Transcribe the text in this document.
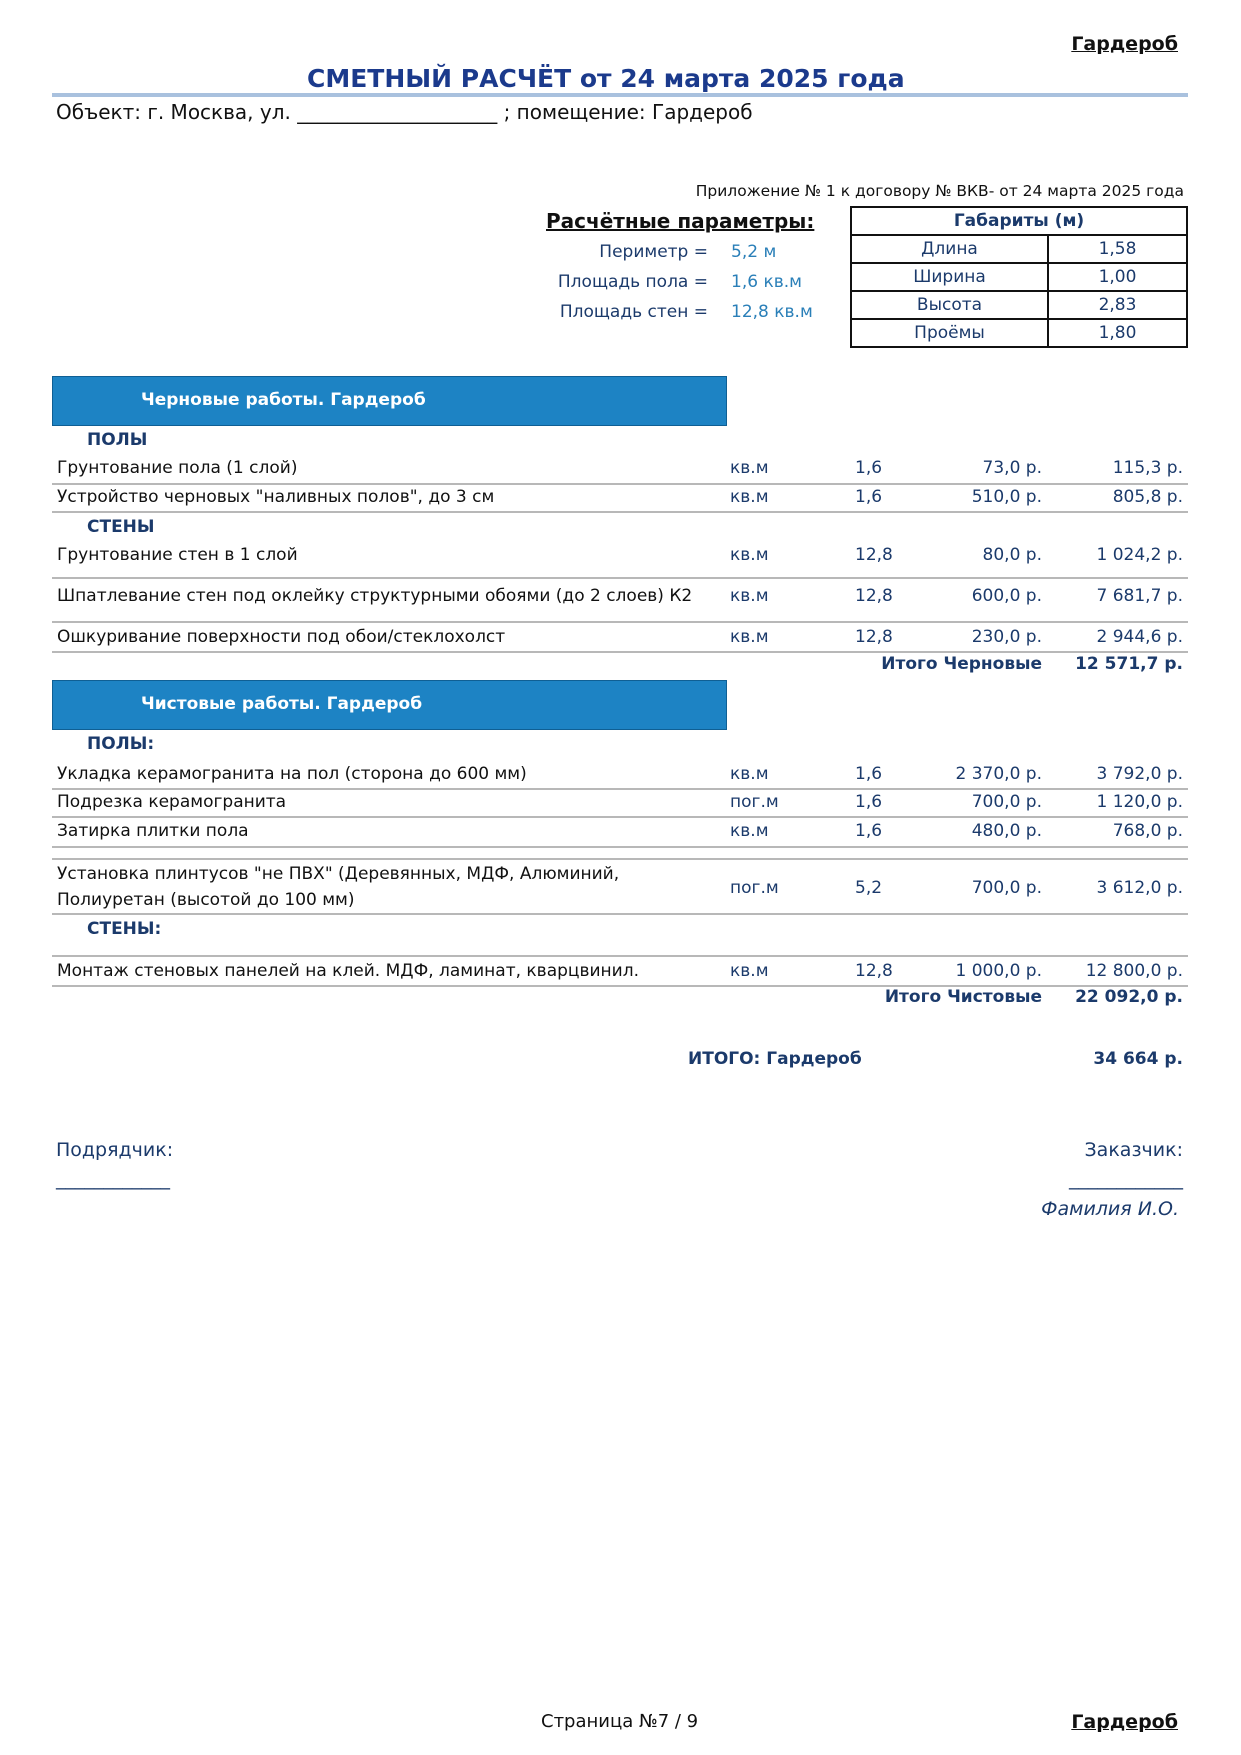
Гардероб
СМЕТНЫЙ РАСЧЁТ от 24 марта 2025 года
Объект: г. Москва, ул. ____________________ ; помещение: Гардероб
Приложение № 1 к договору № ВКВ- от 24 марта 2025 года
Расчётные параметры:
Периметр = 5,2 м
Площадь пола = 1,6 кв.м
Площадь стен = 12,8 кв.м
Габариты (м)	
Длина	1,58
Ширина	1,00
Высота	2,83
Проёмы	1,80
Черновые работы. Гардероб
ПОЛЫ
Грунтование пола (1 слой)	кв.м	1,6	73,0 р.	115,3 р.
Устройство черновых "наливных полов", до 3 см	кв.м	1,6	510,0 р.	805,8 р.
СТЕНЫ
Грунтование стен в 1 слой	кв.м	12,8	80,0 р.	1 024,2 р.
Шпатлевание стен под оклейку структурными обоями (до 2 слоев) К2 кв.м	12,8	600,0 р.	7 681,7 р.
Ошкуривание поверхности под обои/стеклохолст	кв.м	12,8	230,0 р.	2 944,6 р.
Итого Черновые 12 571,7 р.
Чистовые работы. Гардероб
ПОЛЫ:
Укладка керамогранита на пол (сторона до 600 мм)	кв.м	1,6	2 370,0 р.	3 792,0 р.
Подрезка керамогранита	пог.м	1,6	700,0 р.	1 120,0 р.
Затирка плитки пола	кв.м	1,6	480,0 р.	768,0 р.
Установка плинтусов "не ПВХ" (Деревянных, МДФ, Алюминий,
Полиуретан (высотой до 100 мм)
пог.м	5,2	700,0 р.	3 612,0 р.
СТЕНЫ:
Монтаж стеновых панелей на клей. МДФ, ламинат, кварцвинил.	кв.м	12,8	1 000,0 р.	12 800,0 р.
Итого Чистовые 22 092,0 р.
ИТОГО: Гардероб	34 664 р.
Подрядчик:
____________
Заказчик:
____________
Фамилия И.О.
Страница №7 / 9	Гардероб
